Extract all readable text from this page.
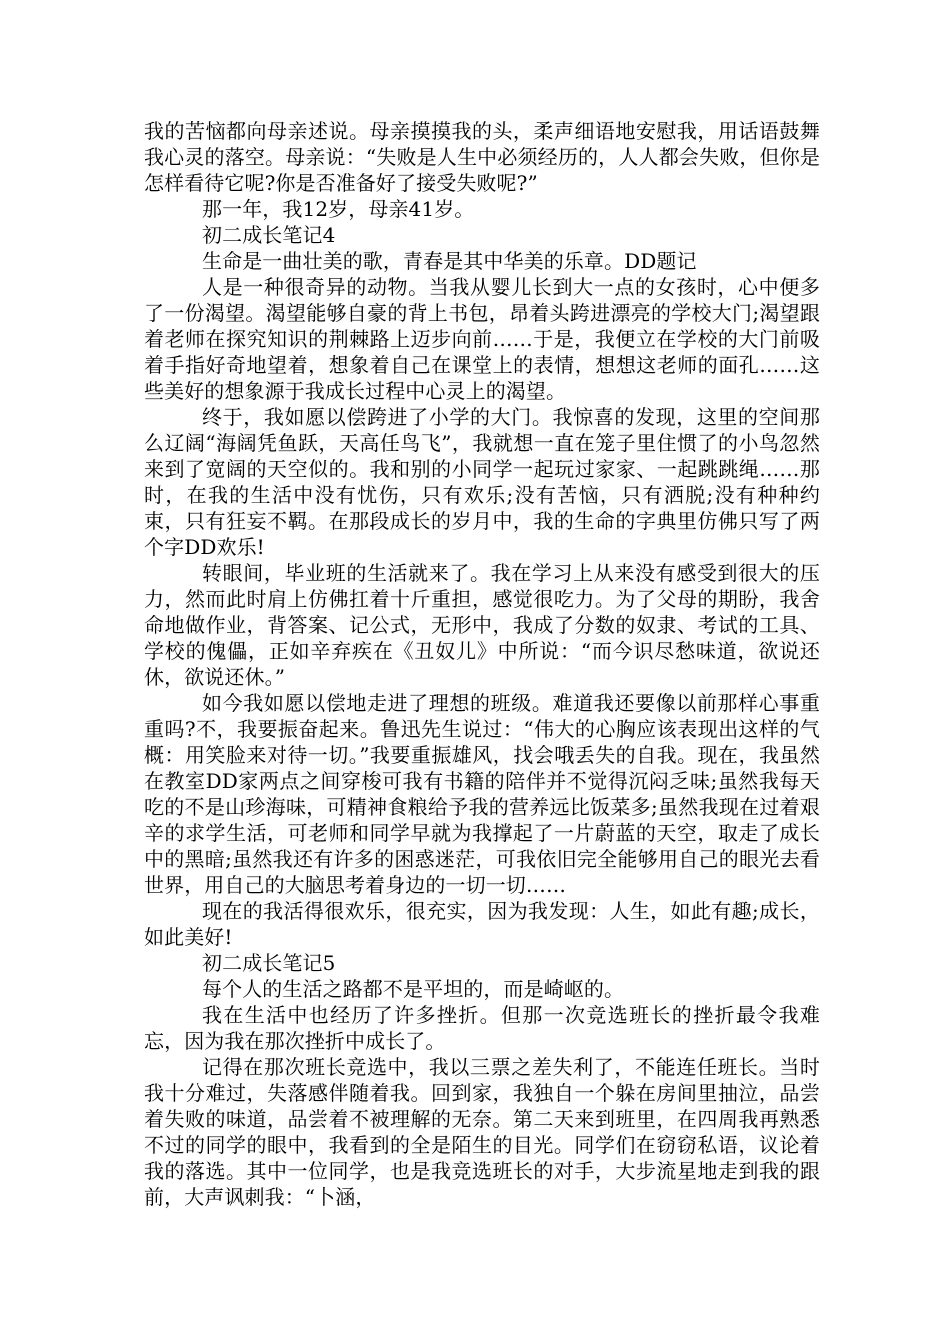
我的苦恼都向母亲述说。母亲摸摸我的头，柔声细语地安慰我，用话语鼓舞我心灵的落空。母亲说：“失败是人生中必须经历的，人人都会失败，但你是怎样看待它呢?你是否准备好了接受失败呢?”

那一年，我12岁，母亲41岁。

初二成长笔记4

生命是一曲壮美的歌，青春是其中华美的乐章。DD题记

人是一种很奇异的动物。当我从婴儿长到大一点的女孩时，心中便多了一份渴望。渴望能够自豪的背上书包，昂着头跨进漂亮的学校大门;渴望跟着老师在探究知识的荆棘路上迈步向前……于是，我便立在学校的大门前吸着手指好奇地望着，想象着自己在课堂上的表情，想想这老师的面孔……这些美好的想象源于我成长过程中心灵上的渴望。

终于，我如愿以偿跨进了小学的大门。我惊喜的发现，这里的空间那么辽阔“海阔凭鱼跃，天高任鸟飞”，我就想一直在笼子里住惯了的小鸟忽然来到了宽阔的天空似的。我和别的小同学一起玩过家家、一起跳跳绳……那时，在我的生活中没有忧伤，只有欢乐;没有苦恼，只有洒脱;没有种种约束，只有狂妄不羁。在那段成长的岁月中，我的生命的字典里仿佛只写了两个字DD欢乐!

转眼间，毕业班的生活就来了。我在学习上从来没有感受到很大的压力，然而此时肩上仿佛扛着十斤重担，感觉很吃力。为了父母的期盼，我舍命地做作业，背答案、记公式，无形中，我成了分数的奴隶、考试的工具、学校的傀儡，正如辛弃疾在《丑奴儿》中所说：“而今识尽愁味道，欲说还休，欲说还休。”

如今我如愿以偿地走进了理想的班级。难道我还要像以前那样心事重重吗?不，我要振奋起来。鲁迅先生说过：“伟大的心胸应该表现出这样的气概：用笑脸来对待一切。”我要重振雄风，找会哦丢失的自我。现在，我虽然在教室DD家两点之间穿梭可我有书籍的陪伴并不觉得沉闷乏味;虽然我每天吃的不是山珍海味，可精神食粮给予我的营养远比饭菜多;虽然我现在过着艰辛的求学生活，可老师和同学早就为我撑起了一片蔚蓝的天空，取走了成长中的黑暗;虽然我还有许多的困惑迷茫，可我依旧完全能够用自己的眼光去看世界，用自己的大脑思考着身边的一切一切……

现在的我活得很欢乐，很充实，因为我发现：人生，如此有趣;成长，如此美好!

初二成长笔记5

每个人的生活之路都不是平坦的，而是崎岖的。

我在生活中也经历了许多挫折。但那一次竞选班长的挫折最令我难忘，因为我在那次挫折中成长了。

记得在那次班长竞选中，我以三票之差失利了，不能连任班长。当时我十分难过，失落感伴随着我。回到家，我独自一个躲在房间里抽泣，品尝着失败的味道，品尝着不被理解的无奈。第二天来到班里，在四周我再熟悉不过的同学的眼中，我看到的全是陌生的目光。同学们在窃窃私语，议论着我的落选。其中一位同学，也是我竞选班长的对手，大步流星地走到我的跟前，大声讽刺我：“卜涵，
